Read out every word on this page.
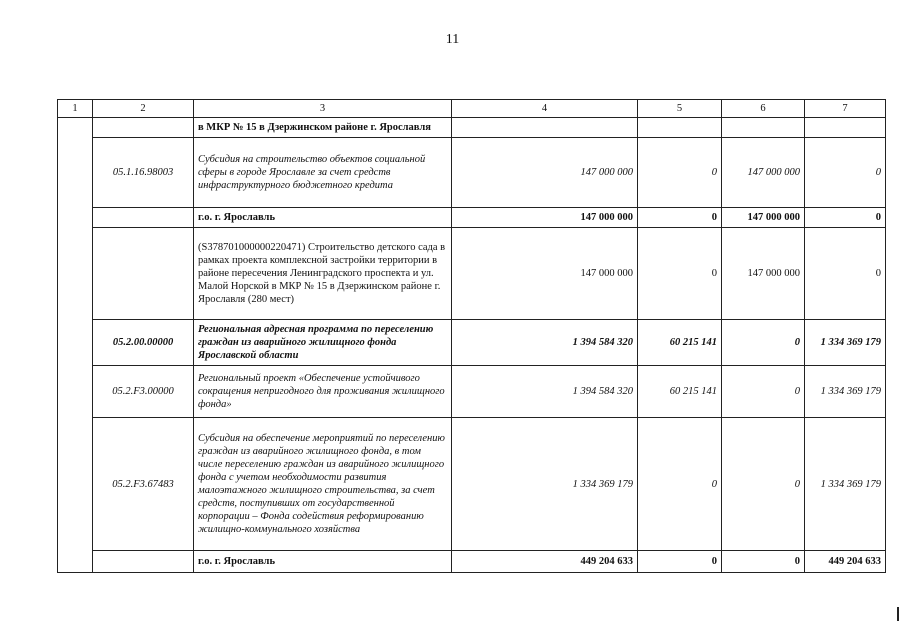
11
1	2	3	4	5	6	7
		в МКР № 15 в Дзержинском районе г. Ярославля				
	05.1.16.98003	Субсидия на строительство объектов социальной сферы в городе Ярославле за счет средств инфраструктурного бюджетного кредита	147 000 000	0	147 000 000	0
		г.о. г. Ярославль	147 000 000	0	147 000 000	0
		(S378701000000220471) Строительство детского сада в рамках проекта комплексной застройки территории в районе пересечения Ленинградского проспекта и ул. Малой Норской в МКР № 15 в Дзержинском районе г. Ярославля (280 мест)	147 000 000	0	147 000 000	0
	05.2.00.00000	Региональная адресная программа по переселению граждан из аварийного жилищного фонда Ярославской области	1 394 584 320	60 215 141	0	1 334 369 179
	05.2.F3.00000	Региональный проект «Обеспечение устойчивого сокращения непригодного для проживания жилищного фонда»	1 394 584 320	60 215 141	0	1 334 369 179
	05.2.F3.67483	Субсидия на обеспечение мероприятий по переселению граждан из аварийного жилищного фонда, в том числе переселению граждан из аварийного жилищного фонда с учетом необходимости развития малоэтажного жилищного строительства, за счет средств, поступивших от государственной корпорации – Фонда содействия реформированию жилищно-коммунального хозяйства	1 334 369 179	0	0	1 334 369 179
		г.о. г. Ярославль	449 204 633	0	0	449 204 633
